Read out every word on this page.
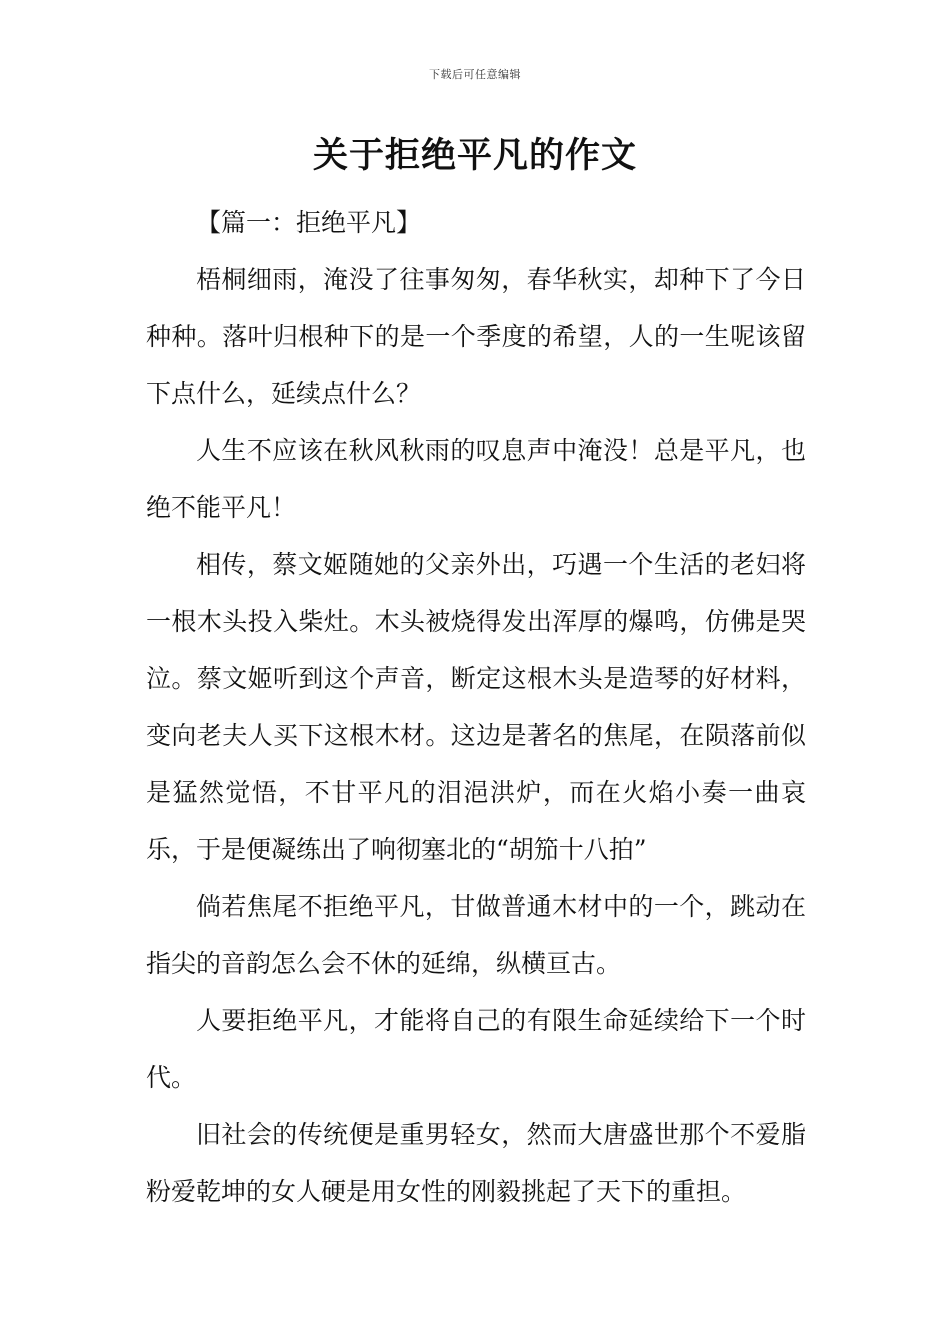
下载后可任意编辑
关于拒绝平凡的作文

【篇一：拒绝平凡】

梧桐细雨，淹没了往事匆匆，春华秋实，却种下了今日种种。落叶归根种下的是一个季度的希望，人的一生呢该留下点什么，延续点什么？

人生不应该在秋风秋雨的叹息声中淹没！总是平凡，也绝不能平凡！

相传，蔡文姬随她的父亲外出，巧遇一个生活的老妇将一根木头投入柴灶。木头被烧得发出浑厚的爆鸣，仿佛是哭泣。蔡文姬听到这个声音，断定这根木头是造琴的好材料，变向老夫人买下这根木材。这边是著名的焦尾，在陨落前似是猛然觉悟，不甘平凡的泪浥洪炉，而在火焰小奏一曲哀乐，于是便凝练出了响彻塞北的“胡笳十八拍”

倘若焦尾不拒绝平凡，甘做普通木材中的一个，跳动在指尖的音韵怎么会不休的延绵，纵横亘古。

人要拒绝平凡，才能将自己的有限生命延续给下一个时代。

旧社会的传统便是重男轻女，然而大唐盛世那个不爱脂粉爱乾坤的女人硬是用女性的刚毅挑起了天下的重担。
